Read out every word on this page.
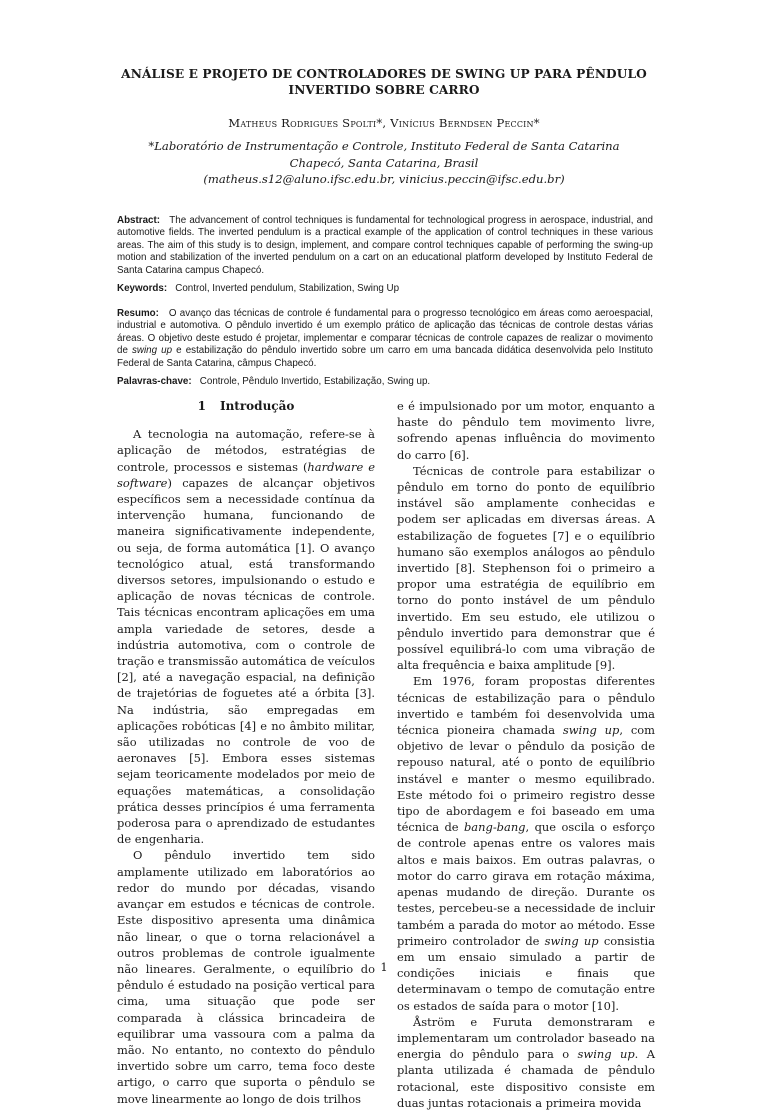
ANÁLISE E PROJETO DE CONTROLADORES DE SWING UP PARA PÊNDULO INVERTIDO SOBRE CARRO
Matheus Rodrigues Spolti*, Vinícius Berndsen Peccin*
*Laboratório de Instrumentação e Controle, Instituto Federal de Santa Catarina
Chapecó, Santa Catarina, Brasil
(matheus.s12@aluno.ifsc.edu.br, vinicius.peccin@ifsc.edu.br)
Abstract: The advancement of control techniques is fundamental for technological progress in aerospace, industrial, and automotive fields. The inverted pendulum is a practical example of the application of control techniques in these various areas. The aim of this study is to design, implement, and compare control techniques capable of performing the swing-up motion and stabilization of the inverted pendulum on a cart on an educational platform developed by Instituto Federal de Santa Catarina campus Chapecó.
Keywords: Control, Inverted pendulum, Stabilization, Swing Up
Resumo: O avanço das técnicas de controle é fundamental para o progresso tecnológico em áreas como aeroespacial, industrial e automotiva. O pêndulo invertido é um exemplo prático de aplicação das técnicas de controle destas várias áreas. O objetivo deste estudo é projetar, implementar e comparar técnicas de controle capazes de realizar o movimento de swing up e estabilização do pêndulo invertido sobre um carro em uma bancada didática desenvolvida pelo Instituto Federal de Santa Catarina, câmpus Chapecó.
Palavras-chave: Controle, Pêndulo Invertido, Estabilização, Swing up.
1 Introdução

A tecnologia na automação, refere-se à aplicação de métodos, estratégias de controle, processos e sistemas (hardware e software) capazes de alcançar objetivos específicos sem a necessidade contínua da intervenção humana, funcionando de maneira significativamente independente, ou seja, de forma automática [1]. O avanço tecnológico atual, está transformando diversos setores, impulsionando o estudo e aplicação de novas técnicas de controle. Tais técnicas encontram aplicações em uma ampla variedade de setores, desde a indústria automotiva, com o controle de tração e transmissão automática de veículos [2], até a navegação espacial, na definição de trajetórias de foguetes até a órbita [3]. Na indústria, são empregadas em aplicações robóticas [4] e no âmbito militar, são utilizadas no controle de voo de aeronaves [5]. Embora esses sistemas sejam teoricamente modelados por meio de equações matemáticas, a consolidação prática desses princípios é uma ferramenta poderosa para o aprendizado de estudantes de engenharia.

O pêndulo invertido tem sido amplamente utilizado em laboratórios ao redor do mundo por décadas, visando avançar em estudos e técnicas de controle. Este dispositivo apresenta uma dinâmica não linear, o que o torna relacionável a outros problemas de controle igualmente não lineares. Geralmente, o equilíbrio do pêndulo é estudado na posição vertical para cima, uma situação que pode ser comparada à clássica brincadeira de equilibrar uma vassoura com a palma da mão. No entanto, no contexto do pêndulo invertido sobre um carro, tema foco deste artigo, o carro que suporta o pêndulo se move linearmente ao longo de dois trilhos

e é impulsionado por um motor, enquanto a haste do pêndulo tem movimento livre, sofrendo apenas influência do movimento do carro [6].

Técnicas de controle para estabilizar o pêndulo em torno do ponto de equilíbrio instável são amplamente conhecidas e podem ser aplicadas em diversas áreas. A estabilização de foguetes [7] e o equilíbrio humano são exemplos análogos ao pêndulo invertido [8]. Stephenson foi o primeiro a propor uma estratégia de equilíbrio em torno do ponto instável de um pêndulo invertido. Em seu estudo, ele utilizou o pêndulo invertido para demonstrar que é possível equilibrá-lo com uma vibração de alta frequência e baixa amplitude [9].

Em 1976, foram propostas diferentes técnicas de estabilização para o pêndulo invertido e também foi desenvolvida uma técnica pioneira chamada swing up, com objetivo de levar o pêndulo da posição de repouso natural, até o ponto de equilíbrio instável e manter o mesmo equilibrado. Este método foi o primeiro registro desse tipo de abordagem e foi baseado em uma técnica de bang-bang, que oscila o esforço de controle apenas entre os valores mais altos e mais baixos. Em outras palavras, o motor do carro girava em rotação máxima, apenas mudando de direção. Durante os testes, percebeu-se a necessidade de incluir também a parada do motor ao método. Esse primeiro controlador de swing up consistia em um ensaio simulado a partir de condições iniciais e finais que determinavam o tempo de comutação entre os estados de saída para o motor [10].

Åström e Furuta demonstraram e implementaram um controlador baseado na energia do pêndulo para o swing up. A planta utilizada é chamada de pêndulo rotacional, este dispositivo consiste em duas juntas rotacionais a primeira movida

1
